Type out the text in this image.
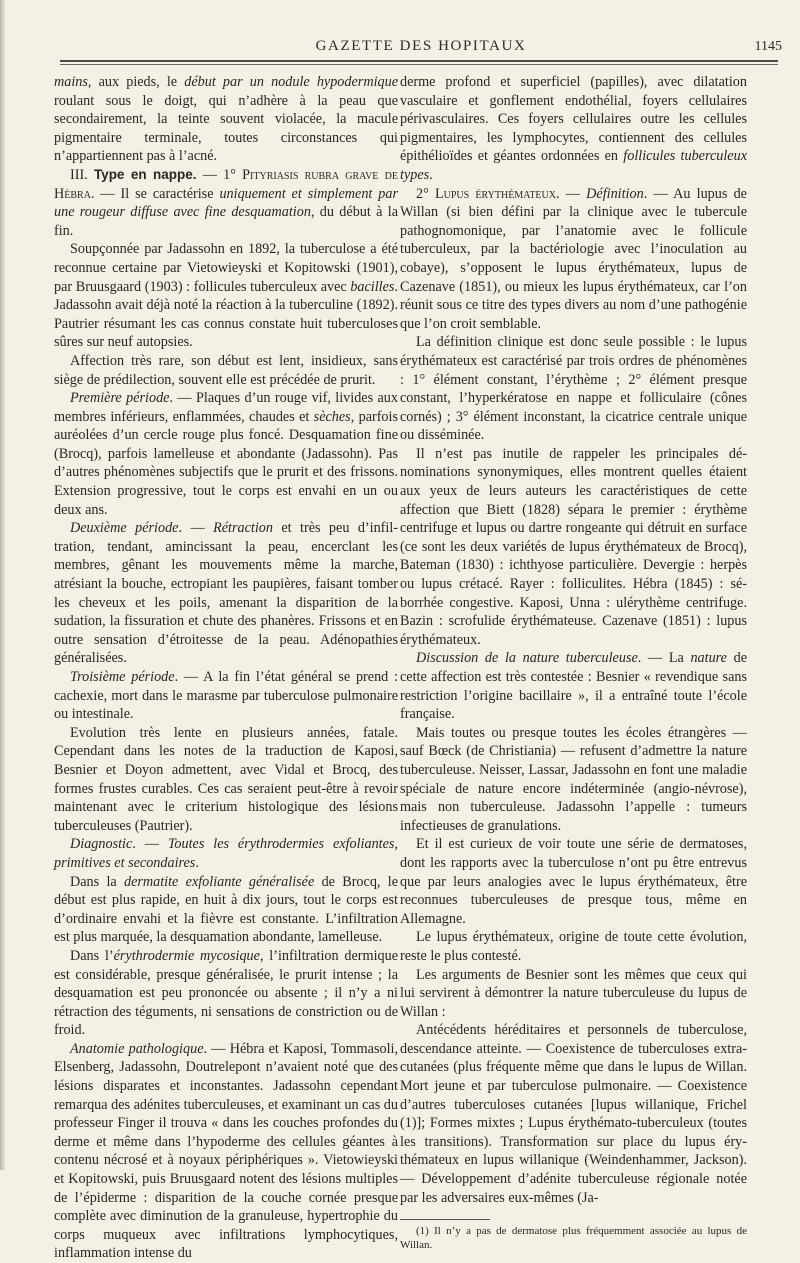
GAZETTE DES HOPITAUX	1145

mains, aux pieds, le début par un nodule hypodermique roulant sous le doigt, qui n’adhère à la peau que secondairement, la teinte souvent violacée, la macule pigmentaire terminale, toutes circonstances qui n’appartiennent pas à l’acné.

III. Type en nappe. — 1° Pityriasis rubra grave de Hébra. — Il se caractérise uniquement et simplement par une rougeur diffuse avec fine desquamation, du début à la fin.

Soupçonnée par Jadassohn en 1892, la tuberculose a été reconnue certaine par Vietowieyski et Kopitowski (1901), par Bruusgaard (1903) : follicules tuberculeux avec bacilles. Jadassohn avait déjà noté la réaction à la tuberculine (1892). Pautrier résumant les cas connus constate huit tuberculoses sûres sur neuf autopsies.

Affection très rare, son début est lent, insidieux, sans siège de prédilection, souvent elle est précédée de prurit.

Première période. — Plaques d’un rouge vif, livides aux membres inférieurs, enflammées, chaudes et sèches, parfois auréolées d’un cercle rouge plus foncé. Desquamation fine (Brocq), parfois lamelleuse et abondante (Jadassohn). Pas d’autres phénomènes subjectifs que le prurit et des frissons. Extension progressive, tout le corps est envahi en un ou deux ans.

Deuxième période. — Rétraction et très peu d’infiltration, tendant, amincissant la peau, encerclant les membres, gênant les mouvements même la marche, atrésiant la bouche, ectropiant les paupières, faisant tomber les cheveux et les poils, amenant la disparition de la sudation, la fissuration et chute des phanères. Frissons et en outre sensation d’étroitesse de la peau. Adénopathies généralisées.

Troisième période. — A la fin l’état général se prend : cachexie, mort dans le marasme par tuberculose pulmonaire ou intestinale.

Evolution très lente en plusieurs années, fatale. Cependant dans les notes de la traduction de Kaposi, Besnier et Doyon admettent, avec Vidal et Brocq, des formes frustes curables. Ces cas seraient peut-être à revoir maintenant avec le criterium histologique des lésions tuberculeuses (Pautrier).

Diagnostic. — Toutes les érythrodermies exfoliantes, primitives et secondaires.

Dans la dermatite exfoliante généralisée de Brocq, le début est plus rapide, en huit à dix jours, tout le corps est d’ordinaire envahi et la fièvre est constante. L’infiltration est plus marquée, la desquamation abondante, lamelleuse.

Dans l’érythrodermie mycosique, l’infiltration dermique est considérable, presque généralisée, le prurit intense ; la desquamation est peu prononcée ou absente ; il n’y a ni rétraction des téguments, ni sensations de constriction ou de froid.

Anatomie pathologique. — Hébra et Kaposi, Tommasoli, Elsenberg, Jadassohn, Doutrelepont n’avaient noté que des lésions disparates et inconstantes. Jadassohn cependant remarqua des adénites tuberculeuses, et examinant un cas du professeur Finger il trouva « dans les couches profondes du derme et même dans l’hypoderme des cellules géantes à contenu nécrosé et à noyaux périphériques ». Vietowieyski et Kopitowski, puis Bruusgaard notent des lésions multiples de l’épiderme : disparition de la couche cornée presque complète avec diminution de la granuleuse, hypertrophie du corps muqueux avec infiltrations lymphocytiques, inflammation intense du

derme profond et superficiel (papilles), avec dilatation vasculaire et gonflement endothélial, foyers cellulaires périvasculaires. Ces foyers cellulaires outre les cellules pigmentaires, les lymphocytes, contiennent des cellules épithélioïdes et géantes ordonnées en follicules tuberculeux types.

2° Lupus érythémateux. — Définition. — Au lupus de Willan (si bien défini par la clinique avec le tubercule pathognomonique, par l’anatomie avec le follicule tuberculeux, par la bactériologie avec l’inoculation au cobaye), s’opposent le lupus érythémateux, lupus de Cazenave (1851), ou mieux les lupus érythémateux, car l’on réunit sous ce titre des types divers au nom d’une pathogénie que l’on croit semblable.

La définition clinique est donc seule possible : le lupus érythémateux est caractérisé par trois ordres de phénomènes : 1° élément constant, l’érythème ; 2° élément presque constant, l’hyperkératose en nappe et folliculaire (cônes cornés) ; 3° élément inconstant, la cicatrice centrale unique ou disséminée.

Il n’est pas inutile de rappeler les principales dénominations synonymiques, elles montrent quelles étaient aux yeux de leurs auteurs les caractéristiques de cette affection que Biett (1828) sépara le premier : érythème centrifuge et lupus ou dartre rongeante qui détruit en surface (ce sont les deux variétés de lupus érythémateux de Brocq), Bateman (1830) : ichthyose particulière. Devergie : herpès ou lupus crétacé. Rayer : folliculites. Hébra (1845) : séborrhée congestive. Kaposi, Unna : ulérythème centrifuge. Bazin : scrofulide érythémateuse. Cazenave (1851) : lupus érythémateux.

Discussion de la nature tuberculeuse. — La nature de cette affection est très contestée : Besnier « revendique sans restriction l’origine bacillaire », il a entraîné toute l’école française.

Mais toutes ou presque toutes les écoles étrangères — sauf Bœck (de Christiania) — refusent d’admettre la nature tuberculeuse. Neisser, Lassar, Jadassohn en font une maladie spéciale de nature encore indéterminée (angio-névrose), mais non tuberculeuse. Jadassohn l’appelle : tumeurs infectieuses de granulations.

Et il est curieux de voir toute une série de dermatoses, dont les rapports avec la tuberculose n’ont pu être entrevus que par leurs analogies avec le lupus érythémateux, être reconnues tuberculeuses de presque tous, même en Allemagne.

Le lupus érythémateux, origine de toute cette évolution, reste le plus contesté.

Les arguments de Besnier sont les mêmes que ceux qui lui servirent à démontrer la nature tuberculeuse du lupus de Willan :

Antécédents héréditaires et personnels de tuberculose, descendance atteinte. — Coexistence de tuberculoses extra-cutanées (plus fréquente même que dans le lupus de Willan. Mort jeune et par tuberculose pulmonaire. — Coexistence d’autres tuberculoses cutanées [lupus willanique, Frichel (1)]; Formes mixtes ; Lupus érythémato-tuberculeux (toutes les transitions). Transformation sur place du lupus érythémateux en lupus willanique (Weindenhammer, Jackson). — Développement d’adénite tuberculeuse régionale notée par les adversaires eux-mêmes (Ja-

(1) Il n’y a pas de dermatose plus fréquemment associée au lupus de Willan.
